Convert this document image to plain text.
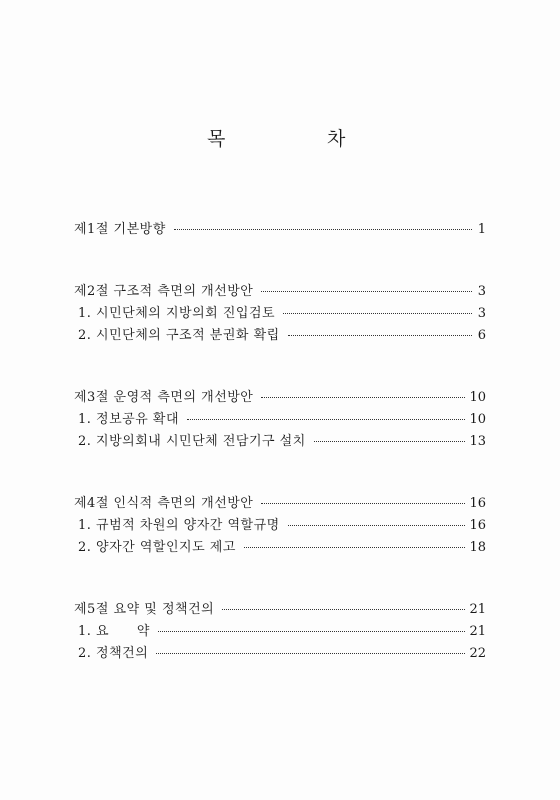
목	차
제1절 기본방향	1
제2절 구조적 측면의 개선방안	3
1. 시민단체의 지방의회 진입검토	3
2. 시민단체의 구조적 분권화 확립	6
제3절 운영적 측면의 개선방안	10
1. 정보공유 확대	10
2. 지방의회내 시민단체 전담기구 설치	13
제4절 인식적 측면의 개선방안	16
1. 규범적 차원의 양자간 역할규명	16
2. 양자간 역할인지도 제고	18
제5절 요약 및 정책건의	21
1. 요      약	21
2. 정책건의	22
